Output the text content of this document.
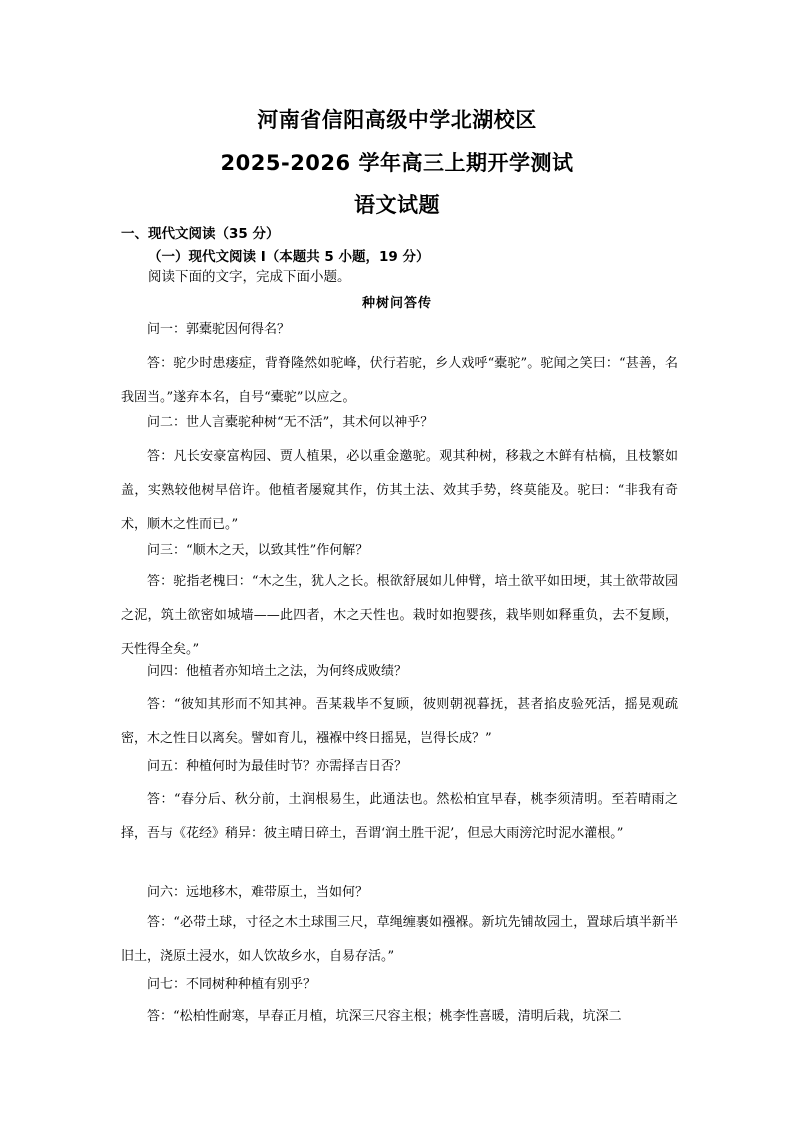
河南省信阳高级中学北湖校区
2025-2026 学年高三上期开学测试
语文试题
一、现代文阅读（35 分）
（一）现代文阅读 I（本题共 5 小题，19 分）
阅读下面的文字，完成下面小题。
种树问答传

问一：郭橐驼因何得名？

答：驼少时患瘘症，背脊隆然如驼峰，伏行若驼，乡人戏呼“橐驼”。驼闻之笑曰：“甚善，名我固当。”遂弃本名，自号“橐驼”以应之。

问二：世人言橐驼种树“无不活”，其术何以神乎？

答：凡长安豪富构园、贾人植果，必以重金邀驼。观其种树，移栽之木鲜有枯槁，且枝繁如盖，实熟较他树早倍许。他植者屡窥其作，仿其土法、效其手势，终莫能及。驼曰：“非我有奇术，顺木之性而已。”

问三：“顺木之天，以致其性”作何解？

答：驼指老槐曰：“木之生，犹人之长。根欲舒展如儿伸臂，培土欲平如田埂，其土欲带故园之泥，筑土欲密如城墙——此四者，木之天性也。栽时如抱婴孩，栽毕则如释重负，去不复顾，天性得全矣。”

问四：他植者亦知培土之法，为何终成败绩？

答：“彼知其形而不知其神。吾某栽毕不复顾，彼则朝视暮抚，甚者掐皮验死活，摇晃观疏密，木之性日以离矣。譬如育儿，襁褓中终日摇晃，岂得长成？”

问五：种植何时为最佳时节？亦需择吉日否？

答：“春分后、秋分前，土润根易生，此通法也。然松柏宜早春，桃李须清明。至若晴雨之择，吾与《花经》稍异：彼主晴日碎土，吾谓‘润土胜干泥’，但忌大雨滂沱时泥水灌根。”

问六：远地移木，难带原土，当如何？

答：“必带土球，寸径之木土球围三尺，草绳缠裹如襁褓。新坑先铺故园土，置球后填半新半旧土，浇原土浸水，如人饮故乡水，自易存活。”

问七：不同树种种植有别乎？

答：“松柏性耐寒，早春正月植，坑深三尺容主根；桃李性喜暖，清明后栽，坑深二
